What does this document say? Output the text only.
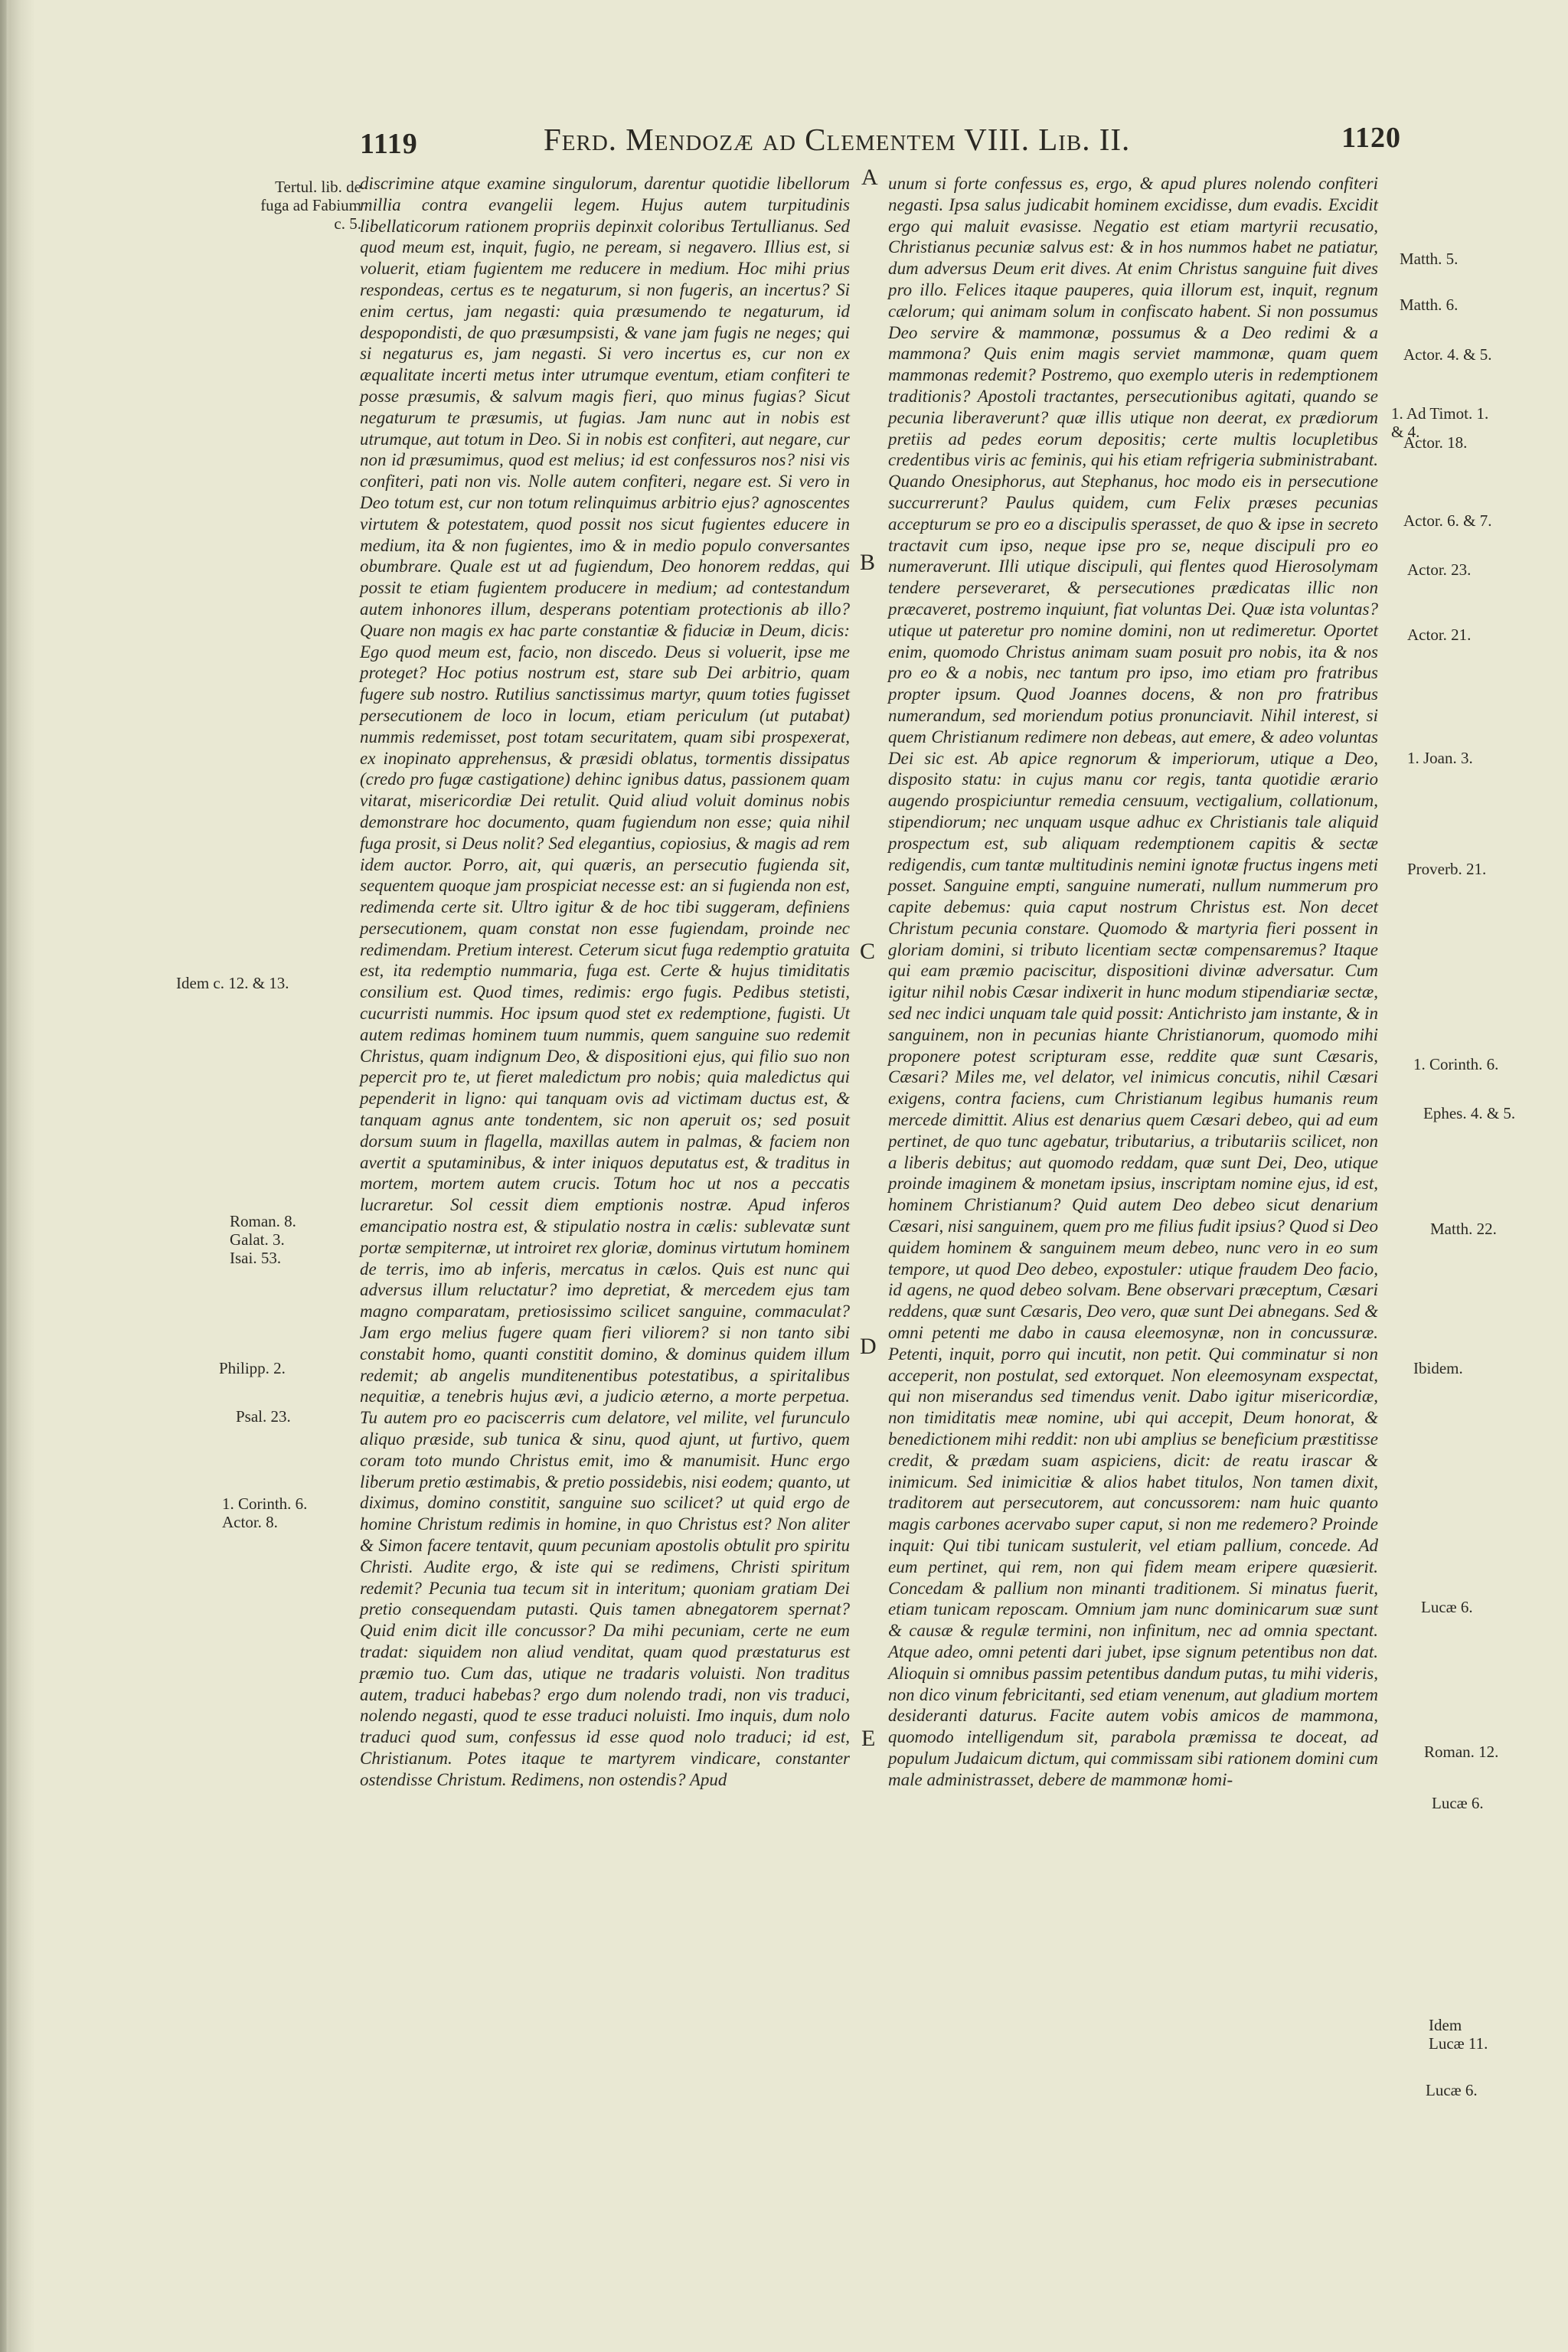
1119	Ferd. Mendozæ ad Clementem VIII. Lib. II.	1120
Tertul. lib. de
fuga ad Fabium
c. 5.
Idem c. 12. & 13.
Roman. 8.
Galat. 3.
Isai. 53.
Philipp. 2.
Psal. 23.
1. Corinth. 6.
Actor. 8.

discrimine atque examine singulorum, darentur quotidie libellorum millia contra evangelii legem. Hujus autem turpitudinis libellaticorum rationem propriis depinxit coloribus Tertullianus. Sed quod meum est, inquit, fugio, ne peream, si negavero. Illius est, si voluerit, etiam fugientem me reducere in medium. Hoc mihi prius respondeas, certus es te negaturum, si non fugeris, an incertus? Si enim certus, jam negasti: quia præsumendo te negaturum, id despopondisti, de quo præsumpsisti, & vane jam fugis ne neges; qui si negaturus es, jam negasti. Si vero incertus es, cur non ex æqualitate incerti metus inter utrumque eventum, etiam confiteri te posse præsumis, & salvum magis fieri, quo minus fugias? Sicut negaturum te præsumis, ut fugias. Jam nunc aut in nobis est utrumque, aut totum in Deo. Si in nobis est confiteri, aut negare, cur non id præsumimus, quod est melius; id est confessuros nos? nisi vis confiteri, pati non vis. Nolle autem confiteri, negare est. Si vero in Deo totum est, cur non totum relinquimus arbitrio ejus? agnoscentes virtutem & potestatem, quod possit nos sicut fugientes educere in medium, ita & non fugientes, imo & in medio populo conversantes obumbrare. Quale est ut ad fugiendum, Deo honorem reddas, qui possit te etiam fugientem producere in medium; ad contestandum autem inhonores illum, desperans potentiam protectionis ab illo? Quare non magis ex hac parte constantiæ & fiduciæ in Deum, dicis: Ego quod meum est, facio, non discedo. Deus si voluerit, ipse me proteget? Hoc potius nostrum est, stare sub Dei arbitrio, quam fugere sub nostro. Rutilius sanctissimus martyr, quum toties fugisset persecutionem de loco in locum, etiam periculum (ut putabat) nummis redemisset, post totam securitatem, quam sibi prospexerat, ex inopinato apprehensus, & præsidi oblatus, tormentis dissipatus (credo pro fugæ castigatione) dehinc ignibus datus, passionem quam vitarat, misericordiæ Dei retulit. Quid aliud voluit dominus nobis demonstrare hoc documento, quam fugiendum non esse; quia nihil fuga prosit, si Deus nolit? Sed elegantius, copiosius, & magis ad rem idem auctor. Porro, ait, qui quæris, an persecutio fugienda sit, sequentem quoque jam prospiciat necesse est: an si fugienda non est, redimenda certe sit. Ultro igitur & de hoc tibi suggeram, definiens persecutionem, quam constat non esse fugiendam, proinde nec redimendam. Pretium interest. Ceterum sicut fuga redemptio gratuita est, ita redemptio nummaria, fuga est. Certe & hujus timiditatis consilium est. Quod times, redimis: ergo fugis. Pedibus stetisti, cucurristi nummis. Hoc ipsum quod stet ex redemptione, fugisti. Ut autem redimas hominem tuum nummis, quem sanguine suo redemit Christus, quam indignum Deo, & dispositioni ejus, qui filio suo non pepercit pro te, ut fieret maledictum pro nobis; quia maledictus qui pependerit in ligno: qui tanquam ovis ad victimam ductus est, & tanquam agnus ante tondentem, sic non aperuit os; sed posuit dorsum suum in flagella, maxillas autem in palmas, & faciem non avertit a sputaminibus, & inter iniquos deputatus est, & traditus in mortem, mortem autem crucis. Totum hoc ut nos a peccatis lucraretur. Sol cessit diem emptionis nostræ. Apud inferos emancipatio nostra est, & stipulatio nostra in cælis: sublevatæ sunt portæ sempiternæ, ut introiret rex gloriæ, dominus virtutum hominem de terris, imo ab inferis, mercatus in cælos. Quis est nunc qui adversus illum reluctatur? imo depretiat, & mercedem ejus tam magno comparatam, pretiosissimo scilicet sanguine, commaculat? Jam ergo melius fugere quam fieri viliorem? si non tanto sibi constabit homo, quanti constitit domino, & dominus quidem illum redemit; ab angelis munditenentibus potestatibus, a spiritalibus nequitiæ, a tenebris hujus ævi, a judicio æterno, a morte perpetua. Tu autem pro eo paciscerris cum delatore, vel milite, vel furunculo aliquo præside, sub tunica & sinu, quod ajunt, ut furtivo, quem coram toto mundo Christus emit, imo & manumisit. Hunc ergo liberum pretio æstimabis, & pretio possidebis, nisi eodem; quanto, ut diximus, domino constitit, sanguine suo scilicet? ut quid ergo de homine Christum redimis in homine, in quo Christus est? Non aliter & Simon facere tentavit, quum pecuniam apostolis obtulit pro spiritu Christi. Audite ergo, & iste qui se redimens, Christi spiritum redemit? Pecunia tua tecum sit in interitum; quoniam gratiam Dei pretio consequendam putasti. Quis tamen abnegatorem spernat? Quid enim dicit ille concussor? Da mihi pecuniam, certe ne eum tradat: siquidem non aliud venditat, quam quod præstaturus est præmio tuo. Cum das, utique ne tradaris voluisti. Non traditus autem, traduci habebas? ergo dum nolendo tradi, non vis traduci, nolendo negasti, quod te esse traduci noluisti. Imo inquis, dum nolo traduci quod sum, confessus id esse quod nolo traduci; id est, Christianum. Potes itaque te martyrem vindicare, constanter ostendisse Christum. Redimens, non ostendis? Apud

A
B
C
D
E

unum si forte confessus es, ergo, & apud plures nolendo confiteri negasti. Ipsa salus judicabit hominem excidisse, dum evadis. Excidit ergo qui maluit evasisse. Negatio est etiam martyrii recusatio, Christianus pecuniæ salvus est: & in hos nummos habet ne patiatur, dum adversus Deum erit dives. At enim Christus sanguine fuit dives pro illo. Felices itaque pauperes, quia illorum est, inquit, regnum cælorum; qui animam solum in confiscato habent. Si non possumus Deo servire & mammonæ, possumus & a Deo redimi & a mammona? Quis enim magis serviet mammonæ, quam quem mammonas redemit? Postremo, quo exemplo uteris in redemptionem traditionis? Apostoli tractantes, persecutionibus agitati, quando se pecunia liberaverunt? quæ illis utique non deerat, ex prædiorum pretiis ad pedes eorum depositis; certe multis locupletibus credentibus viris ac feminis, qui his etiam refrigeria subministrabant. Quando Onesiphorus, aut Stephanus, hoc modo eis in persecutione succurrerunt? Paulus quidem, cum Felix præses pecunias accepturum se pro eo a discipulis sperasset, de quo & ipse in secreto tractavit cum ipso, neque ipse pro se, neque discipuli pro eo numeraverunt. Illi utique discipuli, qui flentes quod Hierosolymam tendere perseveraret, & persecutiones prædicatas illic non præcaveret, postremo inquiunt, fiat voluntas Dei. Quæ ista voluntas? utique ut pateretur pro nomine domini, non ut redimeretur. Oportet enim, quomodo Christus animam suam posuit pro nobis, ita & nos pro eo & a nobis, nec tantum pro ipso, imo etiam pro fratribus propter ipsum. Quod Joannes docens, & non pro fratribus numerandum, sed moriendum potius pronunciavit. Nihil interest, si quem Christianum redimere non debeas, aut emere, & adeo voluntas Dei sic est. Ab apice regnorum & imperiorum, utique a Deo, disposito statu: in cujus manu cor regis, tanta quotidie ærario augendo prospiciuntur remedia censuum, vectigalium, collationum, stipendiorum; nec unquam usque adhuc ex Christianis tale aliquid prospectum est, sub aliquam redemptionem capitis & sectæ redigendis, cum tantæ multitudinis nemini ignotæ fructus ingens meti posset. Sanguine empti, sanguine numerati, nullum nummerum pro capite debemus: quia caput nostrum Christus est. Non decet Christum pecunia constare. Quomodo & martyria fieri possent in gloriam domini, si tributo licentiam sectæ compensaremus? Itaque qui eam præmio paciscitur, dispositioni divinæ adversatur. Cum igitur nihil nobis Cæsar indixerit in hunc modum stipendiariæ sectæ, sed nec indici unquam tale quid possit: Antichristo jam instante, & in sanguinem, non in pecunias hiante Christianorum, quomodo mihi proponere potest scripturam esse, reddite quæ sunt Cæsaris, Cæsari? Miles me, vel delator, vel inimicus concutis, nihil Cæsari exigens, contra faciens, cum Christianum legibus humanis reum mercede dimittit. Alius est denarius quem Cæsari debeo, qui ad eum pertinet, de quo tunc agebatur, tributarius, a tributariis scilicet, non a liberis debitus; aut quomodo reddam, quæ sunt Dei, Deo, utique proinde imaginem & monetam ipsius, inscriptam nomine ejus, id est, hominem Christianum? Quid autem Deo debeo sicut denarium Cæsari, nisi sanguinem, quem pro me filius fudit ipsius? Quod si Deo quidem hominem & sanguinem meum debeo, nunc vero in eo sum tempore, ut quod Deo debeo, expostuler: utique fraudem Deo facio, id agens, ne quod debeo solvam. Bene observari præceptum, Cæsari reddens, quæ sunt Cæsaris, Deo vero, quæ sunt Dei abnegans. Sed & omni petenti me dabo in causa eleemosynæ, non in concussuræ. Petenti, inquit, porro qui incutit, non petit. Qui comminatur si non acceperit, non postulat, sed extorquet. Non eleemosynam exspectat, qui non miserandus sed timendus venit. Dabo igitur misericordiæ, non timiditatis meæ nomine, ubi qui accepit, Deum honorat, & benedictionem mihi reddit: non ubi amplius se beneficium præstitisse credit, & prædam suam aspiciens, dicit: de reatu irascar & inimicum. Sed inimicitiæ & alios habet titulos, Non tamen dixit, traditorem aut persecutorem, aut concussorem: nam huic quanto magis carbones acervabo super caput, si non me redemero? Proinde inquit: Qui tibi tunicam sustulerit, vel etiam pallium, concede. Ad eum pertinet, qui rem, non qui fidem meam eripere quæsierit. Concedam & pallium non minanti traditionem. Si minatus fuerit, etiam tunicam reposcam. Omnium jam nunc dominicarum suæ sunt & causæ & regulæ termini, non infinitum, nec ad omnia spectant. Atque adeo, omni petenti dari jubet, ipse signum petentibus non dat. Alioquin si omnibus passim petentibus dandum putas, tu mihi videris, non dico vinum febricitanti, sed etiam venenum, aut gladium mortem desideranti daturus. Facite autem vobis amicos de mammona, quomodo intelligendum sit, parabola præmissa te doceat, ad populum Judaicum dictum, qui commissam sibi rationem domini cum male administrasset, debere de mammonæ homi-

Matth. 5.
Matth. 6.
Actor. 4. & 5.
1. Ad Timot. 1.
& 4.
Actor. 18.
Actor. 6. & 7.
Actor. 23.
Actor. 21.
1. Joan. 3.
Proverb. 21.
1. Corinth. 6.
Ephes. 4. & 5.
Matth. 22.
Ibidem.
Lucæ 6.
Roman. 12.
Lucæ 6.
Idem
Lucæ 11.
Lucæ 6.
